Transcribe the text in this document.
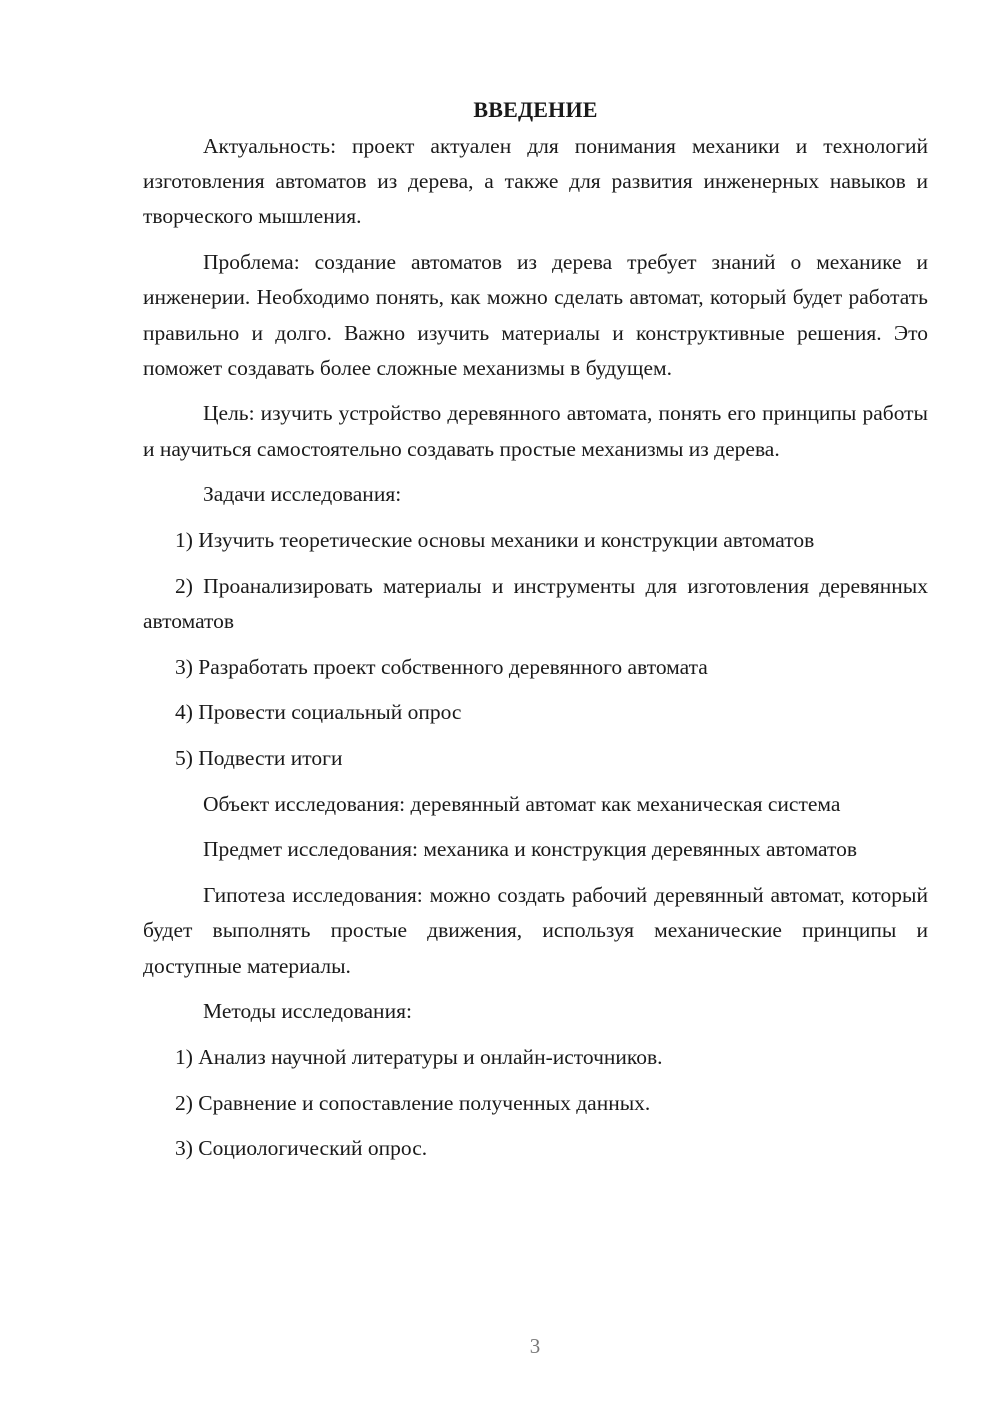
ВВЕДЕНИЕ

Актуальность: проект актуален для понимания механики и технологий изготовления автоматов из дерева, а также для развития инженерных навыков и творческого мышления.

Проблема: создание автоматов из дерева требует знаний о механике и инженерии. Необходимо понять, как можно сделать автомат, который будет работать правильно и долго. Важно изучить материалы и конструктивные решения. Это поможет создавать более сложные механизмы в будущем.

Цель: изучить устройство деревянного автомата, понять его принципы работы и научиться самостоятельно создавать простые механизмы из дерева.

Задачи исследования:

1) Изучить теоретические основы механики и конструкции автоматов

2) Проанализировать материалы и инструменты для изготовления деревянных автоматов

3) Разработать проект собственного деревянного автомата

4) Провести социальный опрос

5) Подвести итоги

Объект исследования: деревянный автомат как механическая система

Предмет исследования: механика и конструкция деревянных автоматов

Гипотеза исследования: можно создать рабочий деревянный автомат, который будет выполнять простые движения, используя механические принципы и доступные материалы.

Методы исследования:

1) Анализ научной литературы и онлайн-источников.

2) Сравнение и сопоставление полученных данных.

3) Социологический опрос.

3
